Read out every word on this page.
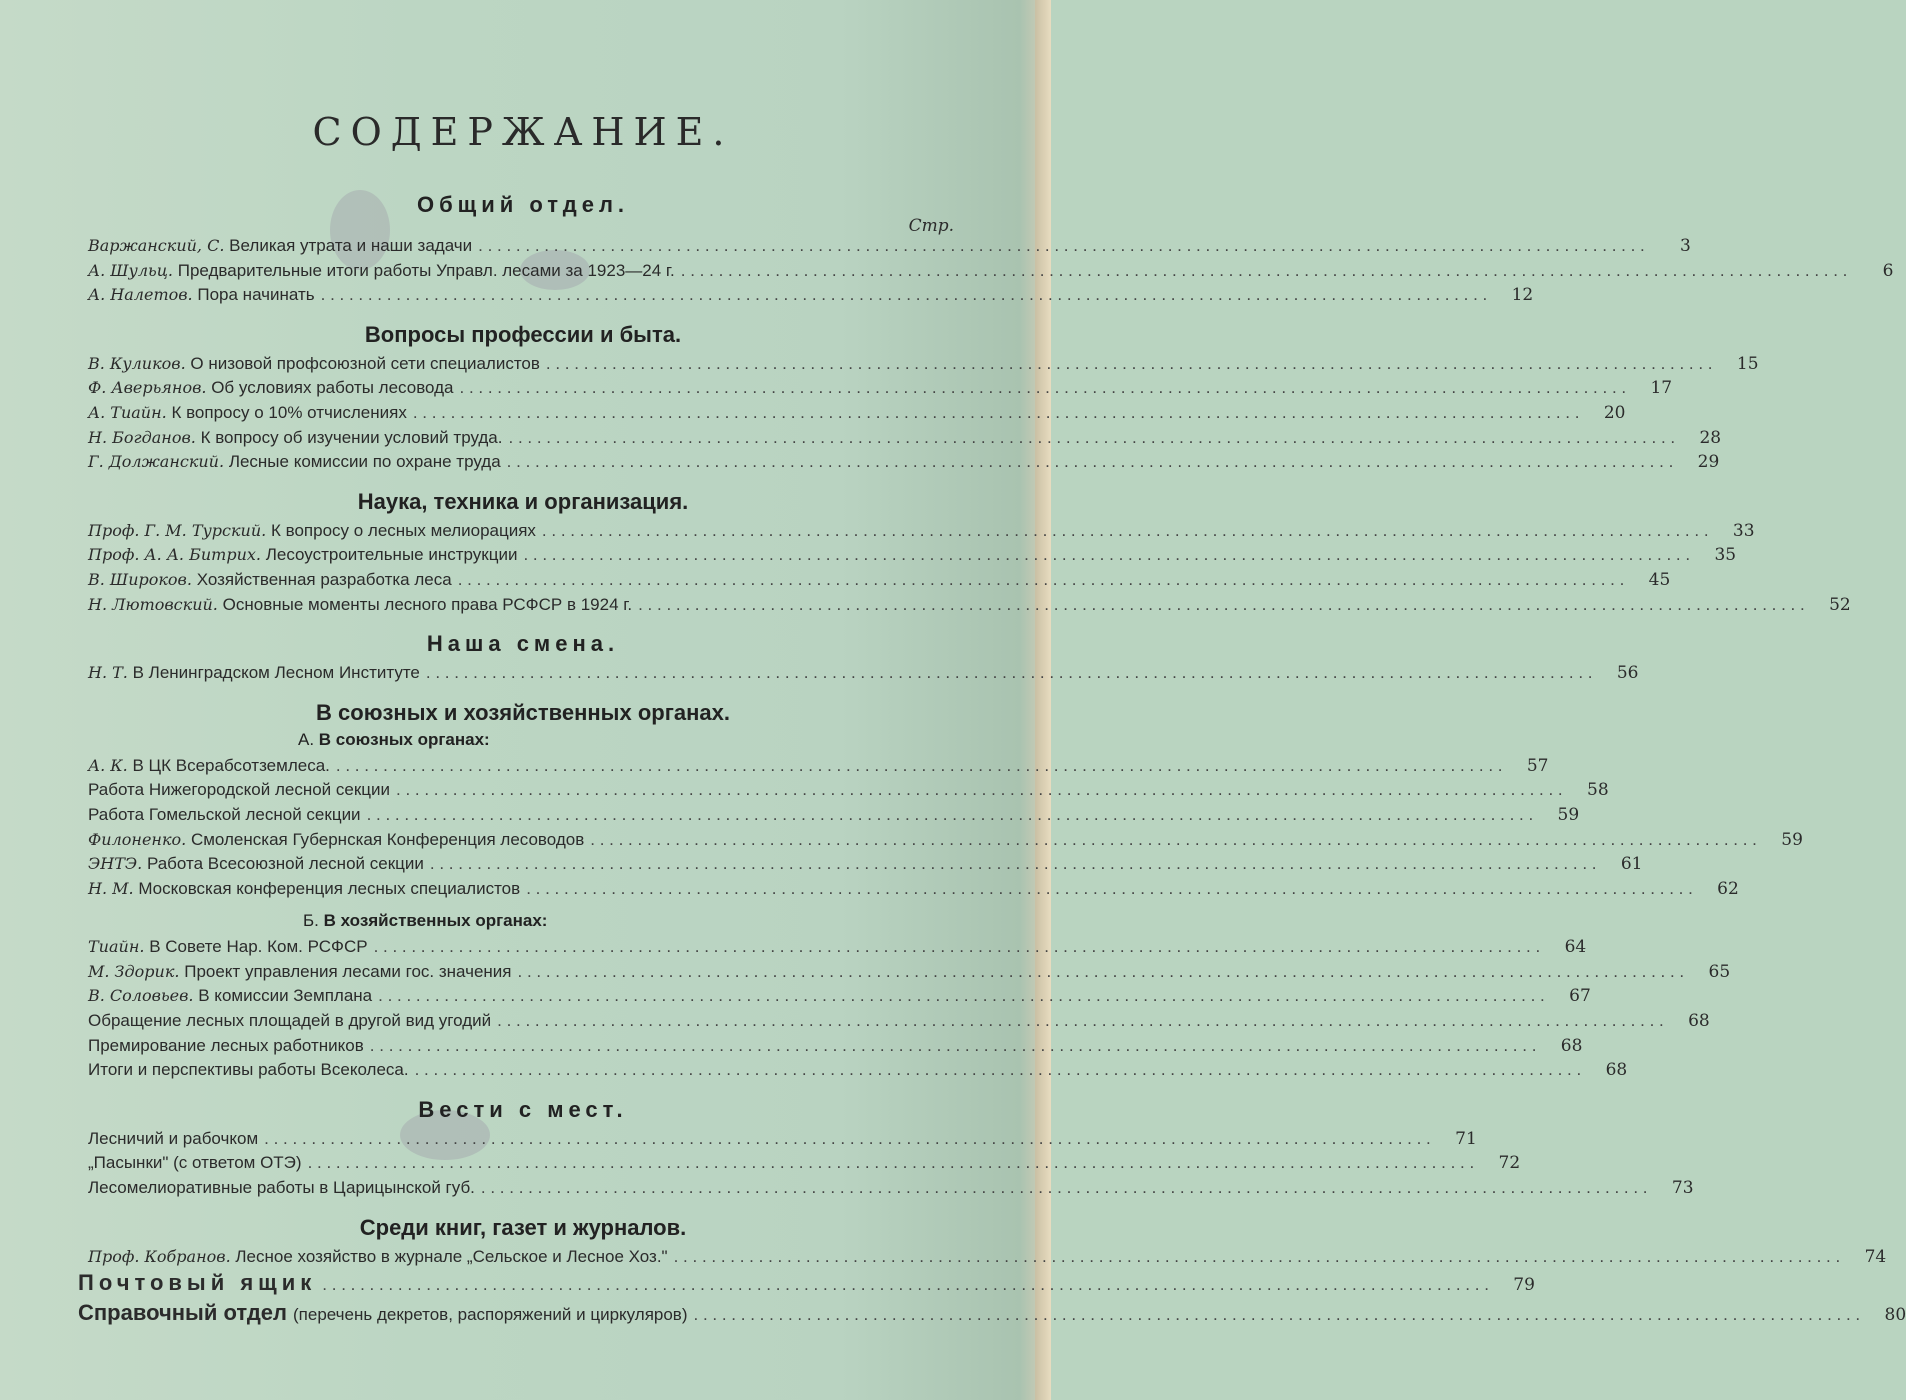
СОДЕРЖАНИЕ.
Общий отдел.
Стр.
Варжанский, С. Великая утрата и наши задачи . . .	3
А. Шульц. Предварительные итоги работы Управл. лесами за 1923—24 г. . . .	6
А. Налетов. Пора начинать . . .	12
Вопросы профессии и быта.
В. Куликов. О низовой профсоюзной сети специалистов . . .	15
Ф. Аверьянов. Об условиях работы лесовода . . .	17
А. Тиайн. К вопросу о 10% отчислениях . . .	20
Н. Богданов. К вопросу об изучении условий труда. . . .	28
Г. Должанский. Лесные комиссии по охране труда . . .	29
Наука, техника и организация.
Проф. Г. М. Турский. К вопросу о лесных мелиорациях . . .	33
Проф. А. А. Битрих. Лесоустроительные инструкции . . .	35
В. Широков. Хозяйственная разработка леса . . .	45
Н. Лютовский. Основные моменты лесного права РСФСР в 1924 г. . . .	52
Наша смена.
Н. Т. В Ленинградском Лесном Институте . . .	56
В союзных и хозяйственных органах.
А. В союзных органах:
А. К. В ЦК Всерабсотземлеса. . . .	57
Работа Нижегородской лесной секции . . .	58
Работа Гомельской лесной секции . . .	59
Филоненко. Смоленская Губернская Конференция лесоводов . . .	59
ЭНТЭ. Работа Всесоюзной лесной секции . . .	61
Н. М. Московская конференция лесных специалистов . . .	62
Б. В хозяйственных органах:
Тиайн. В Совете Нар. Ком. РСФСР . . .	64
М. Здорик. Проект управления лесами гос. значения . . .	65
В. Соловьев. В комиссии Земплана . . .	67
Обращение лесных площадей в другой вид угодий . . .	68
Премирование лесных работников . . .	68
Итоги и перспективы работы Всеколеса. . . .	68
Вести с мест.
Лесничий и рабочком . . .	71
„Пасынки" (с ответом ОТЭ) . . .	72
Лесомелиоративные работы в Царицынской губ. . . .	73
Среди книг, газет и журналов.
Проф. Кобранов. Лесное хозяйство в журнале „Сельское и Лесное Хоз." . . .	74
Почтовый ящик . . .	79
Справочный отдел (перечень декретов, распоряжений и циркуляров) . . .	80
